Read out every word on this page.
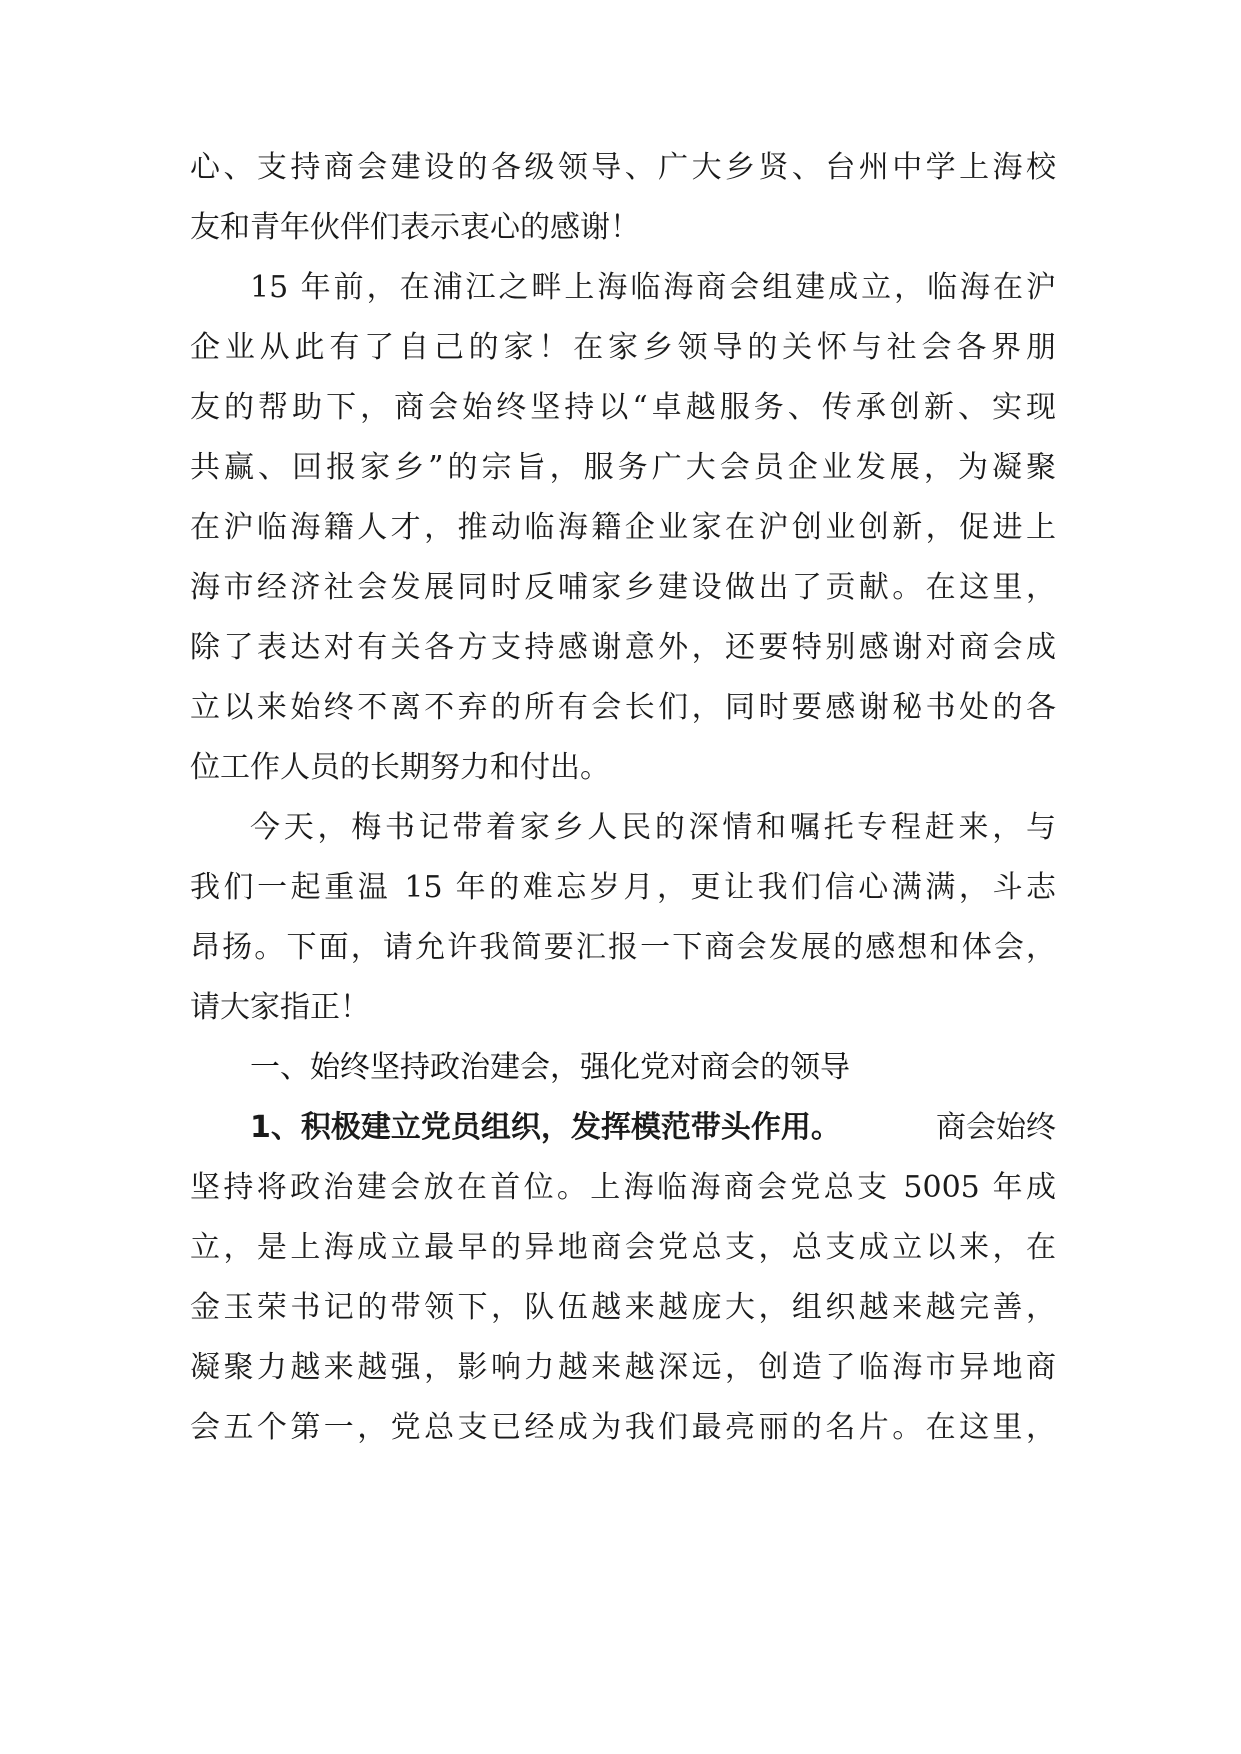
心、支持商会建设的各级领导、广大乡贤、台州中学上海校
友和青年伙伴们表示衷心的感谢！
15 年前，在浦江之畔上海临海商会组建成立，临海在沪
企业从此有了自己的家！在家乡领导的关怀与社会各界朋
友的帮助下，商会始终坚持以“卓越服务、传承创新、实现
共赢、回报家乡”的宗旨，服务广大会员企业发展，为凝聚
在沪临海籍人才，推动临海籍企业家在沪创业创新，促进上
海市经济社会发展同时反哺家乡建设做出了贡献。在这里，
除了表达对有关各方支持感谢意外，还要特别感谢对商会成
立以来始终不离不弃的所有会长们，同时要感谢秘书处的各
位工作人员的长期努力和付出。
今天，梅书记带着家乡人民的深情和嘱托专程赶来，与
我们一起重温 15 年的难忘岁月，更让我们信心满满，斗志
昂扬。下面，请允许我简要汇报一下商会发展的感想和体会，
请大家指正！
一、始终坚持政治建会，强化党对商会的领导
1、积极建立党员组织，发挥模范带头作用。	商会始终
坚持将政治建会放在首位。上海临海商会党总支 5005 年成
立，是上海成立最早的异地商会党总支，总支成立以来，在
金玉荣书记的带领下，队伍越来越庞大，组织越来越完善，
凝聚力越来越强，影响力越来越深远，创造了临海市异地商
会五个第一，党总支已经成为我们最亮丽的名片。在这里，
